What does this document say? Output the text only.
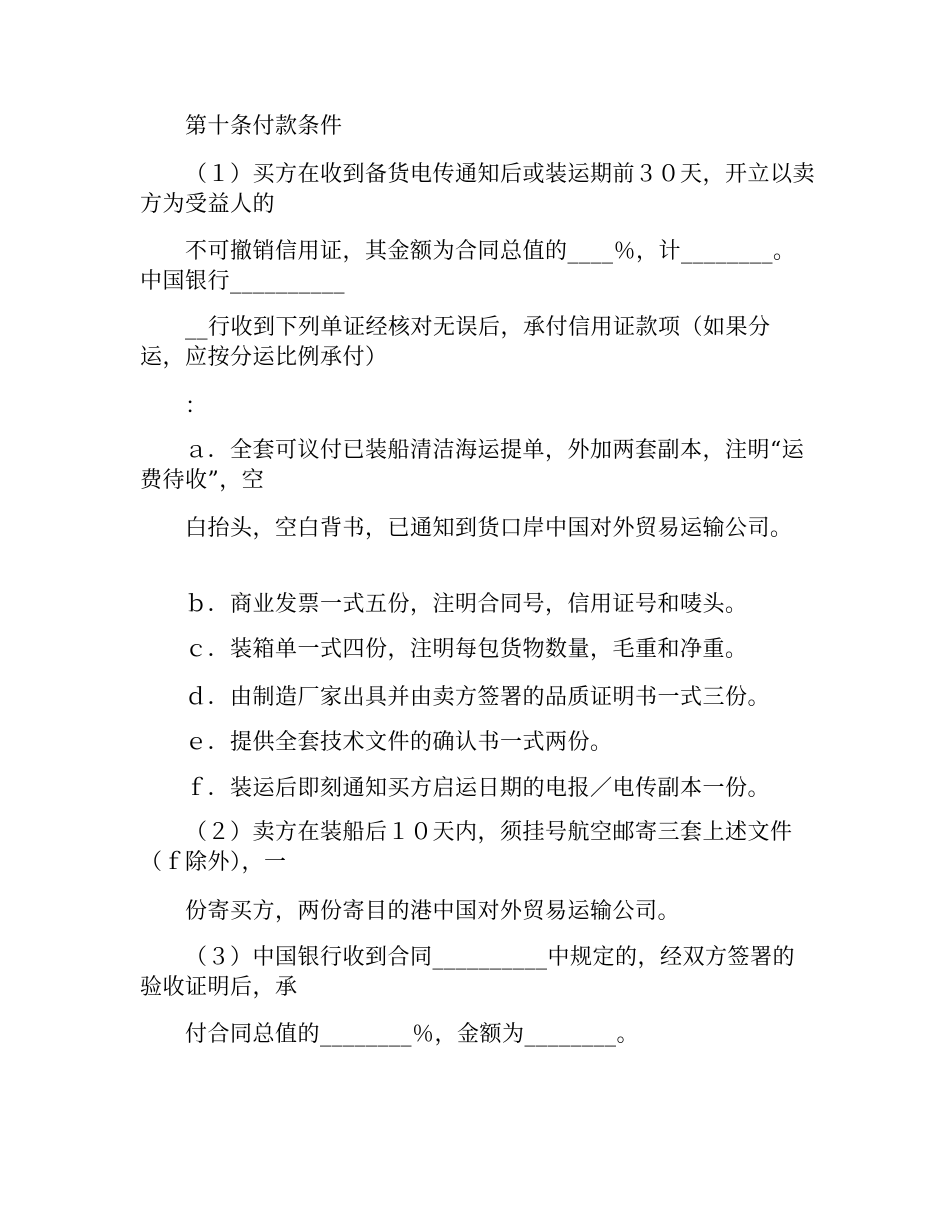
第十条付款条件

（１）买方在收到备货电传通知后或装运期前３０天，开立以卖方为受益人的

不可撤销信用证，其金额为合同总值的____％，计________。中国银行__________

__行收到下列单证经核对无误后，承付信用证款项（如果分运，应按分运比例承付）

：

ａ．全套可议付已装船清洁海运提单，外加两套副本，注明“运费待收”，空

白抬头，空白背书，已通知到货口岸中国对外贸易运输公司。

ｂ．商业发票一式五份，注明合同号，信用证号和唛头。

ｃ．装箱单一式四份，注明每包货物数量，毛重和净重。

ｄ．由制造厂家出具并由卖方签署的品质证明书一式三份。

ｅ．提供全套技术文件的确认书一式两份。

ｆ．装运后即刻通知买方启运日期的电报／电传副本一份。

（２）卖方在装船后１０天内，须挂号航空邮寄三套上述文件（ｆ除外），一

份寄买方，两份寄目的港中国对外贸易运输公司。

（３）中国银行收到合同__________中规定的，经双方签署的验收证明后，承

付合同总值的________％，金额为________。
